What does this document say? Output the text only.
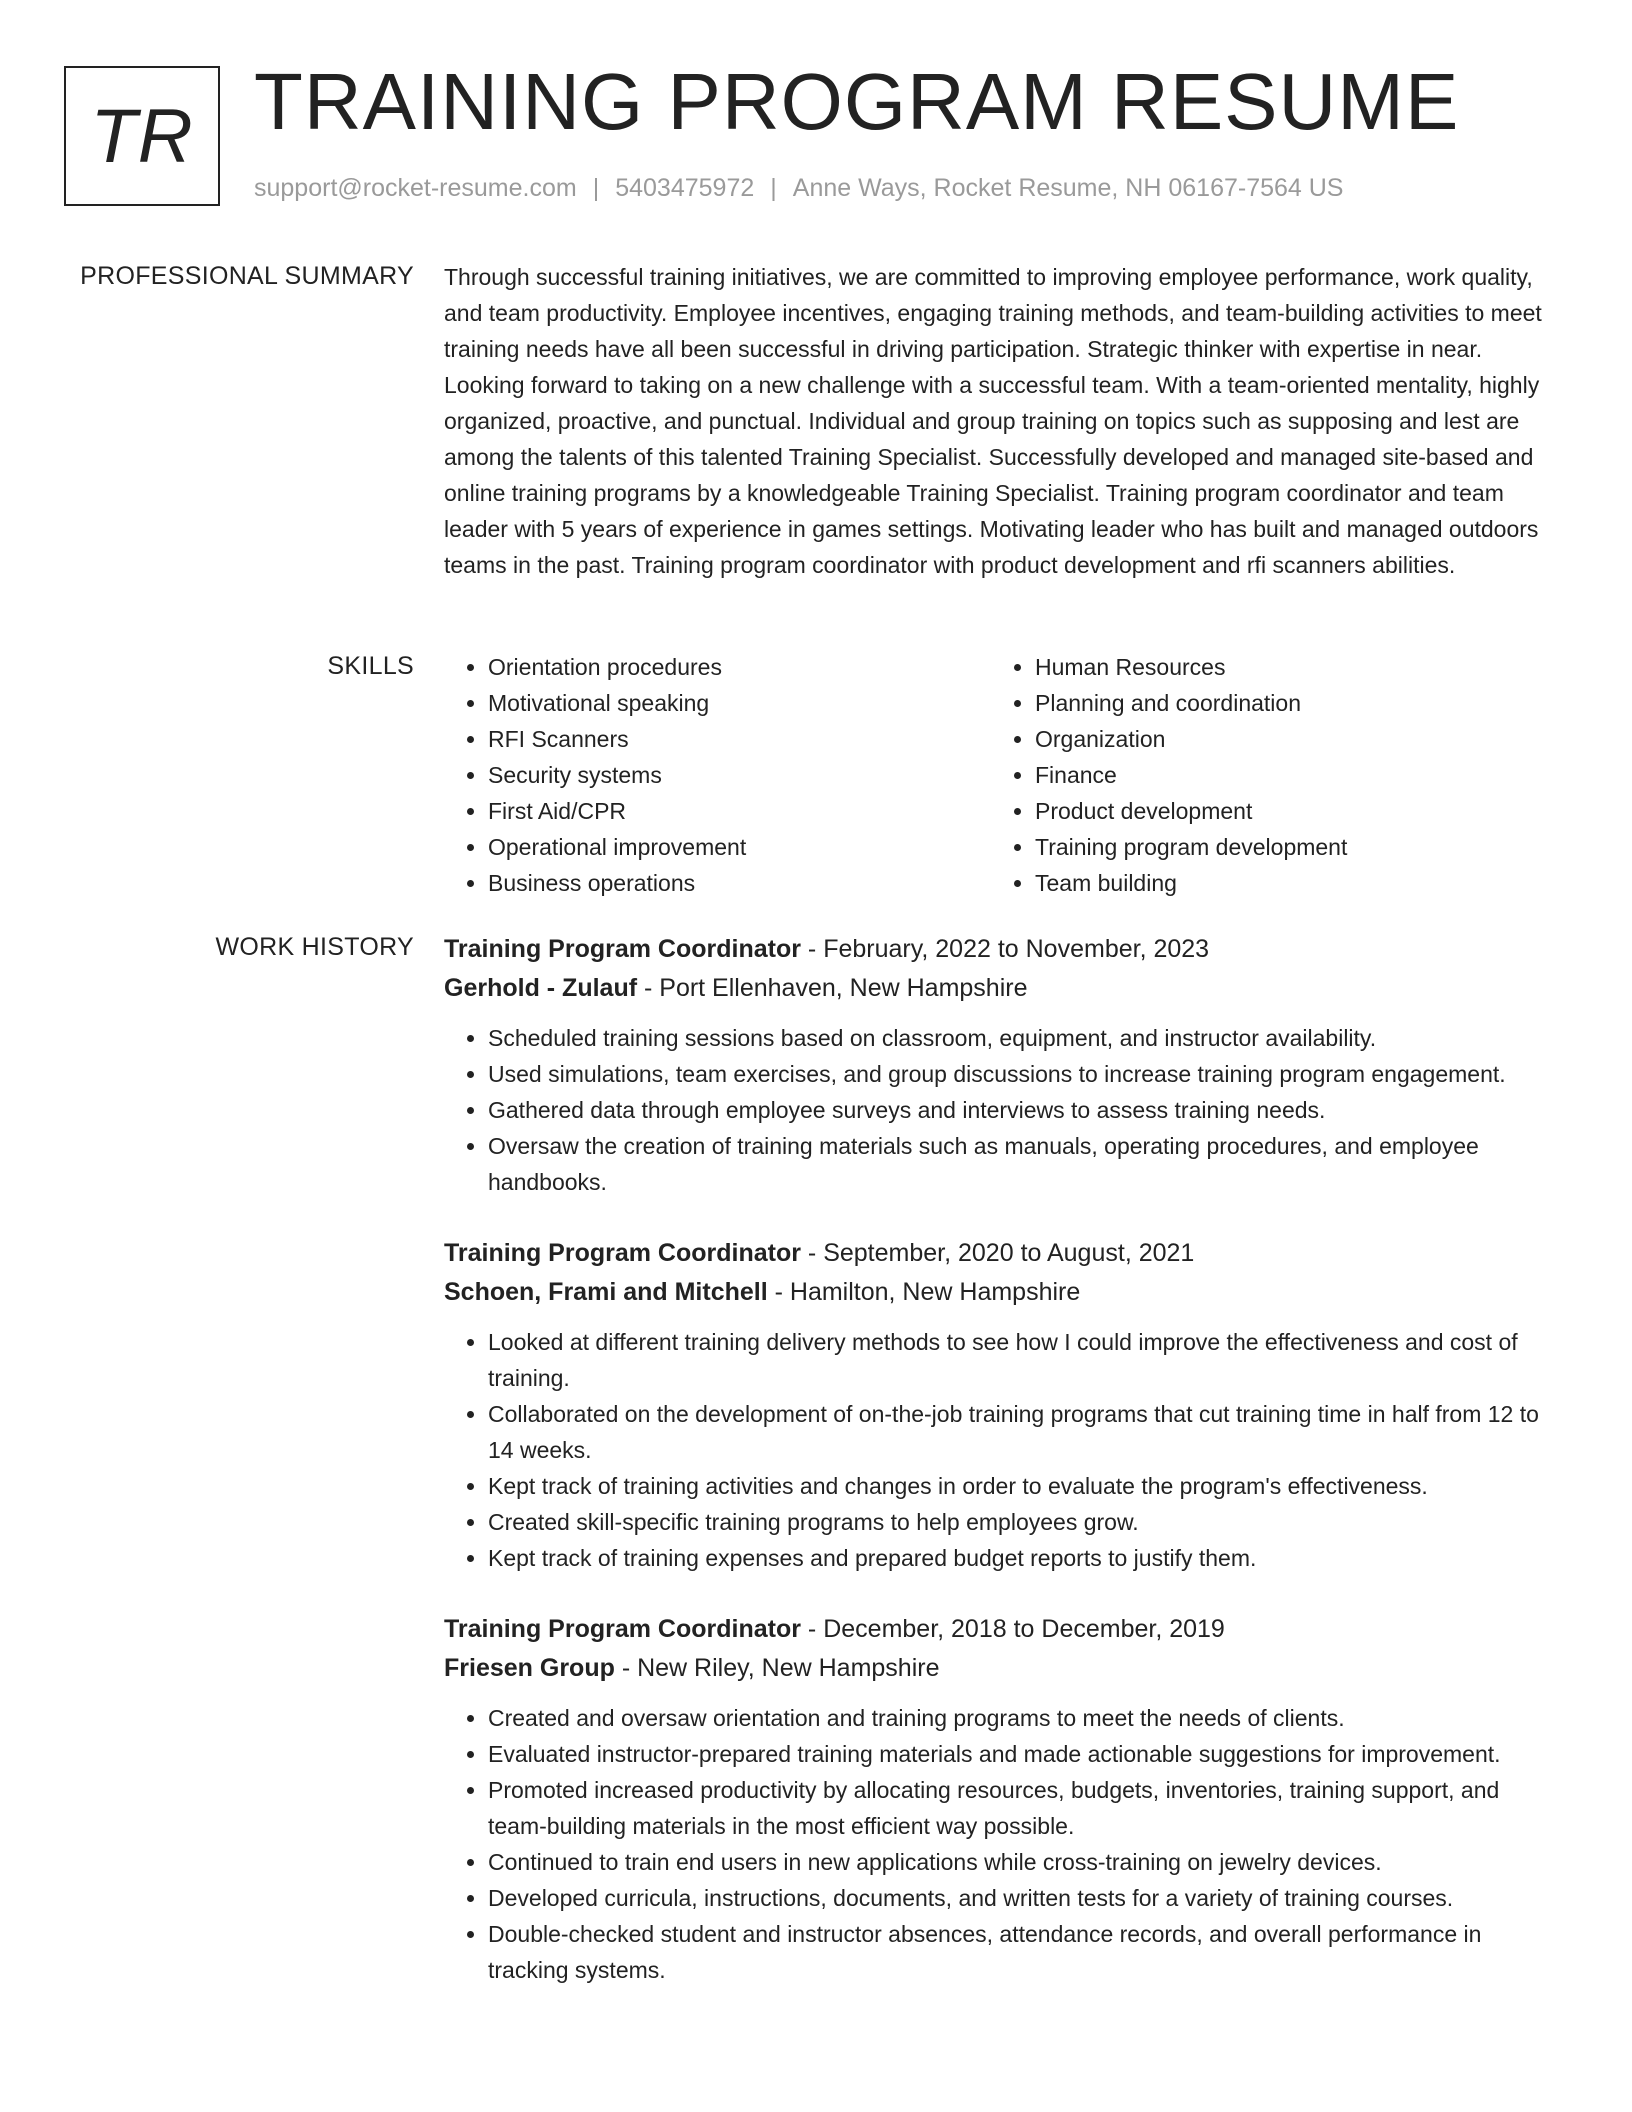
TR TRAINING PROGRAM RESUME
support@rocket-resume.com | 5403475972 | Anne Ways, Rocket Resume, NH 06167-7564 US
PROFESSIONAL SUMMARY Through successful training initiatives, we are committed to improving employee performance, work quality, and team productivity. Employee incentives, engaging training methods, and team-building activities to meet training needs have all been successful in driving participation. Strategic thinker with expertise in near. Looking forward to taking on a new challenge with a successful team. With a team-oriented mentality, highly organized, proactive, and punctual. Individual and group training on topics such as supposing and lest are among the talents of this talented Training Specialist. Successfully developed and managed site-based and online training programs by a knowledgeable Training Specialist. Training program coordinator and team leader with 5 years of experience in games settings. Motivating leader who has built and managed outdoors teams in the past. Training program coordinator with product development and rfi scanners abilities.

SKILLS
•	Orientation procedures
• Motivational speaking
• RFI Scanners
• Security systems
• First Aid/CPR
• Operational improvement
• Business operations
• Human Resources
• Planning and coordination
• Organization
• Finance
• Product development
• Training program development
• Team building
WORK HISTORY Training Program Coordinator - February, 2022 to November, 2023
Gerhold - Zulauf - Port Ellenhaven, New Hampshire
• Scheduled training sessions based on classroom, equipment, and instructor availability.
• Used simulations, team exercises, and group discussions to increase training program engagement.
• Gathered data through employee surveys and interviews to assess training needs.
• Oversaw the creation of training materials such as manuals, operating procedures, and employee handbooks.
Training Program Coordinator - September, 2020 to August, 2021
Schoen, Frami and Mitchell - Hamilton, New Hampshire
• Looked at different training delivery methods to see how I could improve the effectiveness and cost of training.
• Collaborated on the development of on-the-job training programs that cut training time in half from 12 to 14 weeks.
• Kept track of training activities and changes in order to evaluate the program's effectiveness.
• Created skill-specific training programs to help employees grow.
• Kept track of training expenses and prepared budget reports to justify them.
Training Program Coordinator - December, 2018 to December, 2019
Friesen Group - New Riley, New Hampshire
• Created and oversaw orientation and training programs to meet the needs of clients.
• Evaluated instructor-prepared training materials and made actionable suggestions for improvement.
• Promoted increased productivity by allocating resources, budgets, inventories, training support, and team-building materials in the most efficient way possible.
• Continued to train end users in new applications while cross-training on jewelry devices.
• Developed curricula, instructions, documents, and written tests for a variety of training courses.
• Double-checked student and instructor absences, attendance records, and overall performance in tracking systems.
